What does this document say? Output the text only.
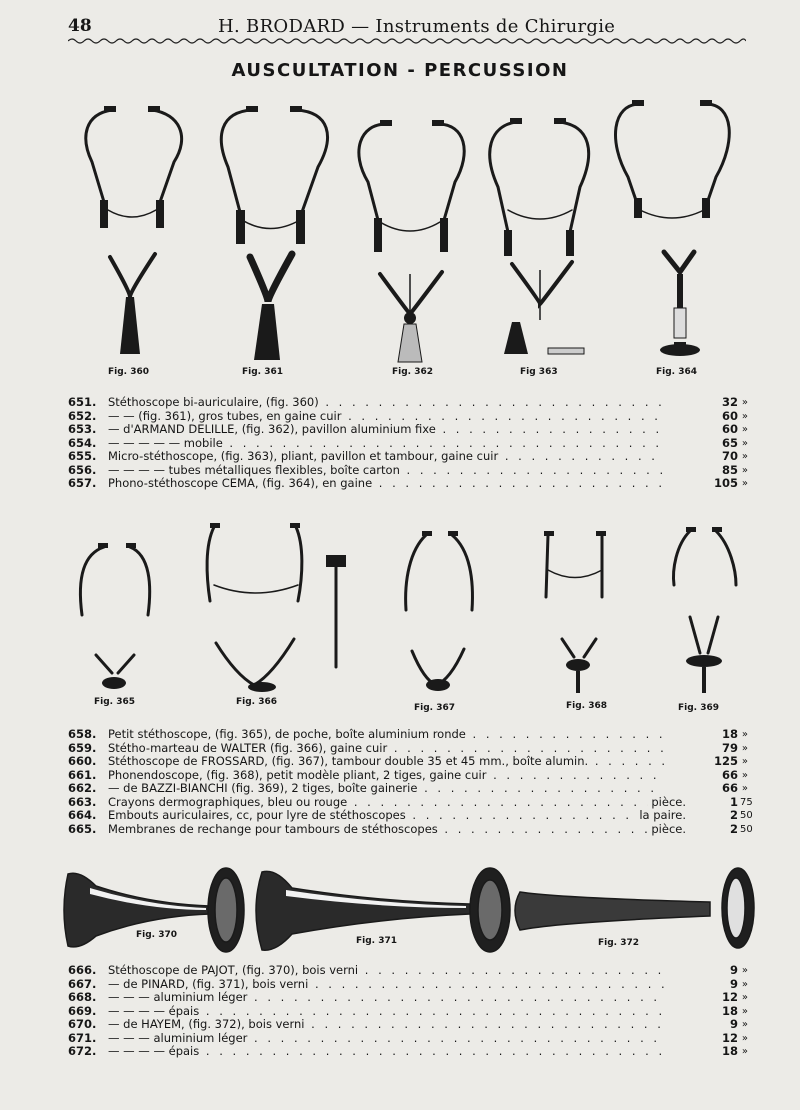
48	H. BRODARD — Instruments de Chirurgie
AUSCULTATION - PERCUSSION
Fig. 360	Fig. 361	Fig. 362	Fig 363	Fig. 364
651.	Stéthoscope bi-auriculaire, (fig. 360) . . .	32 »
652.	— — (fig. 361), gros tubes, en gaine cuir . . .	60 »
653.	— d'ARMAND DELILLE, (fig. 362), pavillon aluminium fixe . . .	60 »
654.	— — — — — mobile . . .	65 »
655.	Micro-stéthoscope, (fig. 363), pliant, pavillon et tambour, gaine cuir . . .	70 »
656.	— — — — tubes métalliques flexibles, boîte carton . . .	85 »
657.	Phono-stéthoscope CEMA, (fig. 364), en gaine . . .	105 »
Fig. 365	Fig. 366
Fig. 367	Fig. 368	Fig. 369
658.	Petit stéthoscope, (fig. 365), de poche, boîte aluminium ronde . . .	18 »
659.	Stétho-marteau de WALTER (fig. 366), gaine cuir . . .	79 »
660.	Stéthoscope de FROSSARD, (fig. 367), tambour double 35 et 45 mm., boîte alumin. . . .	125 »
661.	Phonendoscope, (fig. 368), petit modèle pliant, 2 tiges, gaine cuir . . .	66 »
662.	— de BAZZI-BIANCHI (fig. 369), 2 tiges, boîte gainerie . . .	66 »
663.	Crayons dermographiques, bleu ou rouge . . .	pièce.	1 75
664.	Embouts auriculaires, cc, pour lyre de stéthoscopes . . .	la paire.	2 50
665.	Membranes de rechange pour tambours de stéthoscopes . . .	pièce.	2 50
Fig. 370
Fig. 371	Fig. 372
666.	Stéthoscope de PAJOT, (fig. 370), bois verni . . .	9 »
667.	— de PINARD, (fig. 371), bois verni . . .	9 »
668.	— — — aluminium léger . . .	12 »
669.	— — — — épais . . .	18 »
670.	— de HAYEM, (fig. 372), bois verni . . .	9 »
671.	— — — aluminium léger . . .	12 »
672.	— — — — épais . . .	18 »
